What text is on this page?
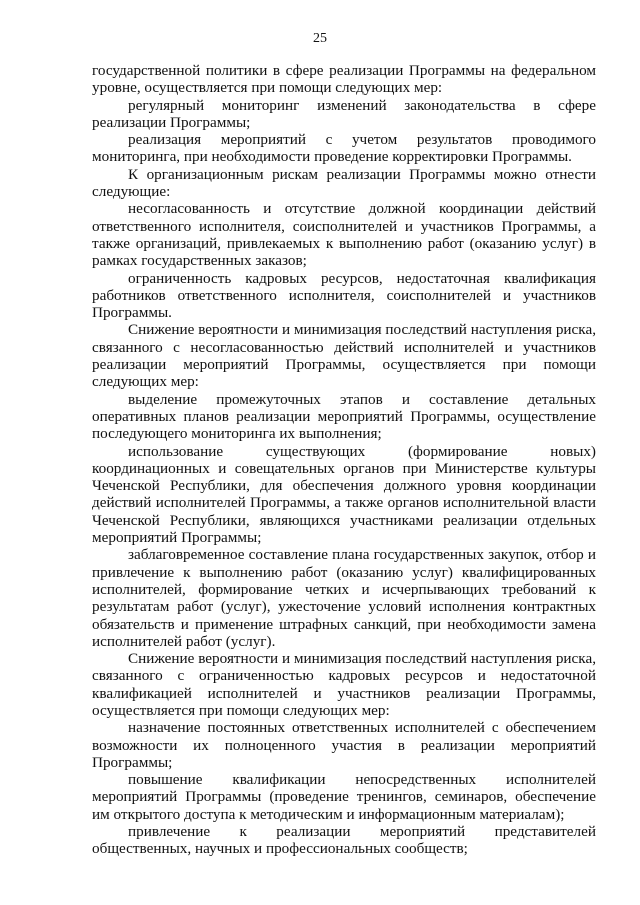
25

государственной политики в сфере реализации Программы на федеральном уровне, осуществляется при помощи следующих мер:

регулярный мониторинг изменений законодательства в сфере реализации Программы;

реализация мероприятий с учетом результатов проводимого мониторинга, при необходимости проведение корректировки Программы.

К организационным рискам реализации Программы можно отнести следующие:

несогласованность и отсутствие должной координации действий ответственного исполнителя, соисполнителей и участников Программы, а также организаций, привлекаемых к выполнению работ (оказанию услуг) в рамках государственных заказов;

ограниченность кадровых ресурсов, недостаточная квалификация работников ответственного исполнителя, соисполнителей и участников Программы.

Снижение вероятности и минимизация последствий наступления риска, связанного с несогласованностью действий исполнителей и участников реализации мероприятий Программы, осуществляется при помощи следующих мер:

выделение промежуточных этапов и составление детальных оперативных планов реализации мероприятий Программы, осуществление последующего мониторинга их выполнения;

использование существующих (формирование новых) координационных и совещательных органов при Министерстве культуры Чеченской Республики, для обеспечения должного уровня координации действий исполнителей Программы, а также органов исполнительной власти Чеченской Республики, являющихся участниками реализации отдельных мероприятий Программы;

заблаговременное составление плана государственных закупок, отбор и привлечение к выполнению работ (оказанию услуг) квалифицированных исполнителей, формирование четких и исчерпывающих требований к результатам работ (услуг), ужесточение условий исполнения контрактных обязательств и применение штрафных санкций, при необходимости замена исполнителей работ (услуг).

Снижение вероятности и минимизация последствий наступления риска, связанного с ограниченностью кадровых ресурсов и недостаточной квалификацией исполнителей и участников реализации Программы, осуществляется при помощи следующих мер:

назначение постоянных ответственных исполнителей с обеспечением возможности их полноценного участия в реализации мероприятий Программы;

повышение квалификации непосредственных исполнителей мероприятий Программы (проведение тренингов, семинаров, обеспечение им открытого доступа к методическим и информационным материалам);

привлечение к реализации мероприятий представителей общественных, научных и профессиональных сообществ;
